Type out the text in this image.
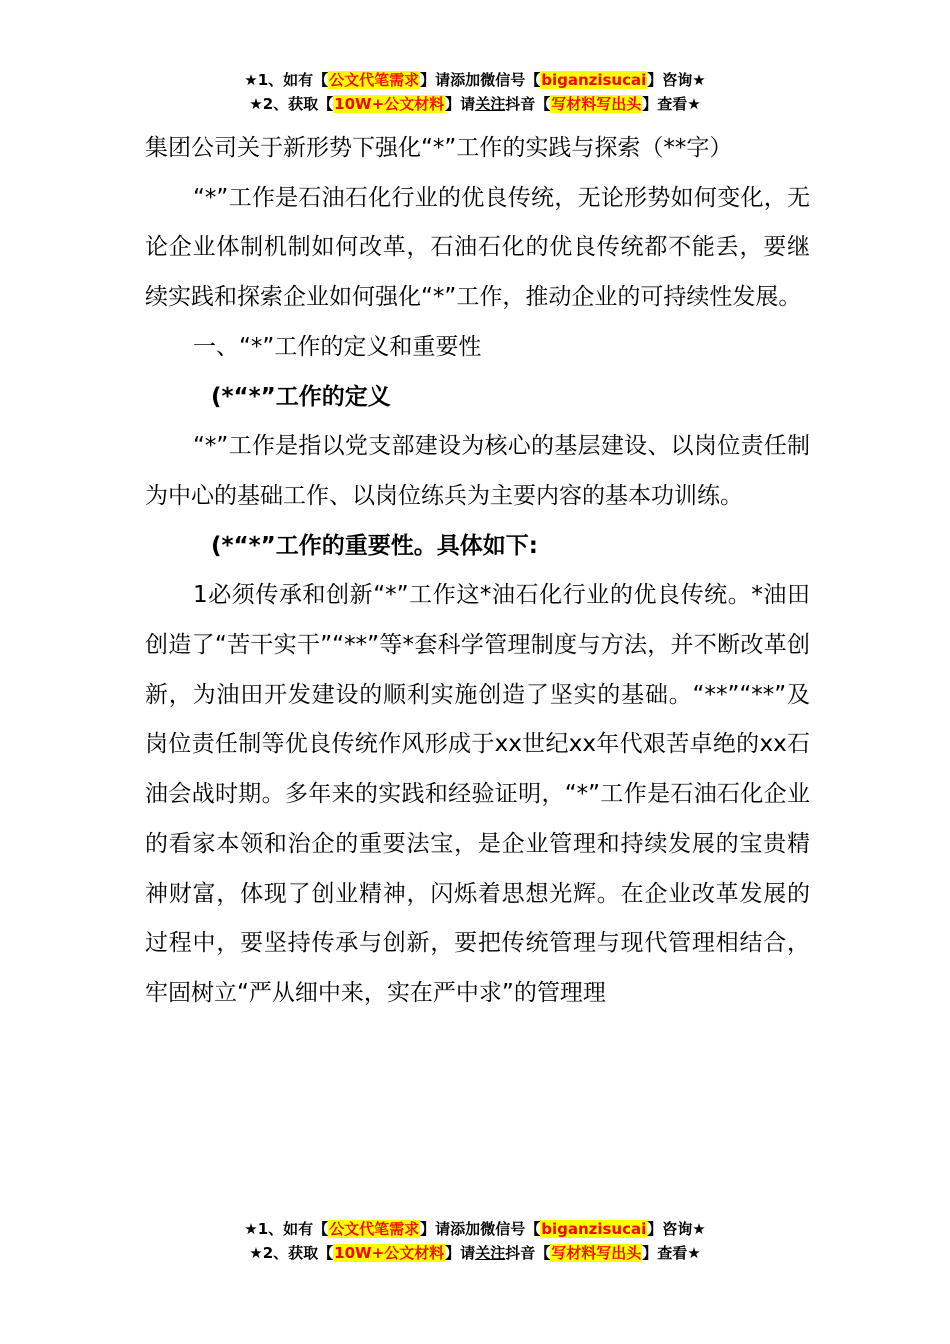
★1、如有【公文代笔需求】请添加微信号【biganzisucai】咨询★
★2、获取【10W+公文材料】请关注抖音【写材料写出头】查看★

集团公司关于新形势下强化“*”工作的实践与探索（**字）

“*”工作是石油石化行业的优良传统，无论形势如何变化，无论企业体制机制如何改革，石油石化的优良传统都不能丢，要继续实践和探索企业如何强化“*”工作，推动企业的可持续性发展。

一、“*”工作的定义和重要性

(*“*”工作的定义

“*”工作是指以党支部建设为核心的基层建设、以岗位责任制为中心的基础工作、以岗位练兵为主要内容的基本功训练。

(*“*”工作的重要性。具体如下:

1必须传承和创新“*”工作这*油石化行业的优良传统。*油田创造了“苦干实干”“**”等*套科学管理制度与方法，并不断改革创新，为油田开发建设的顺利实施创造了坚实的基础。“**”“**”及岗位责任制等优良传统作风形成于xx世纪xx年代艰苦卓绝的xx石油会战时期。多年来的实践和经验证明，“*”工作是石油石化企业的看家本领和治企的重要法宝，是企业管理和持续发展的宝贵精神财富，体现了创业精神，闪烁着思想光辉。在企业改革发展的过程中，要坚持传承与创新，要把传统管理与现代管理相结合，牢固树立“严从细中来，实在严中求”的管理理

★1、如有【公文代笔需求】请添加微信号【biganzisucai】咨询★
★2、获取【10W+公文材料】请关注抖音【写材料写出头】查看★
